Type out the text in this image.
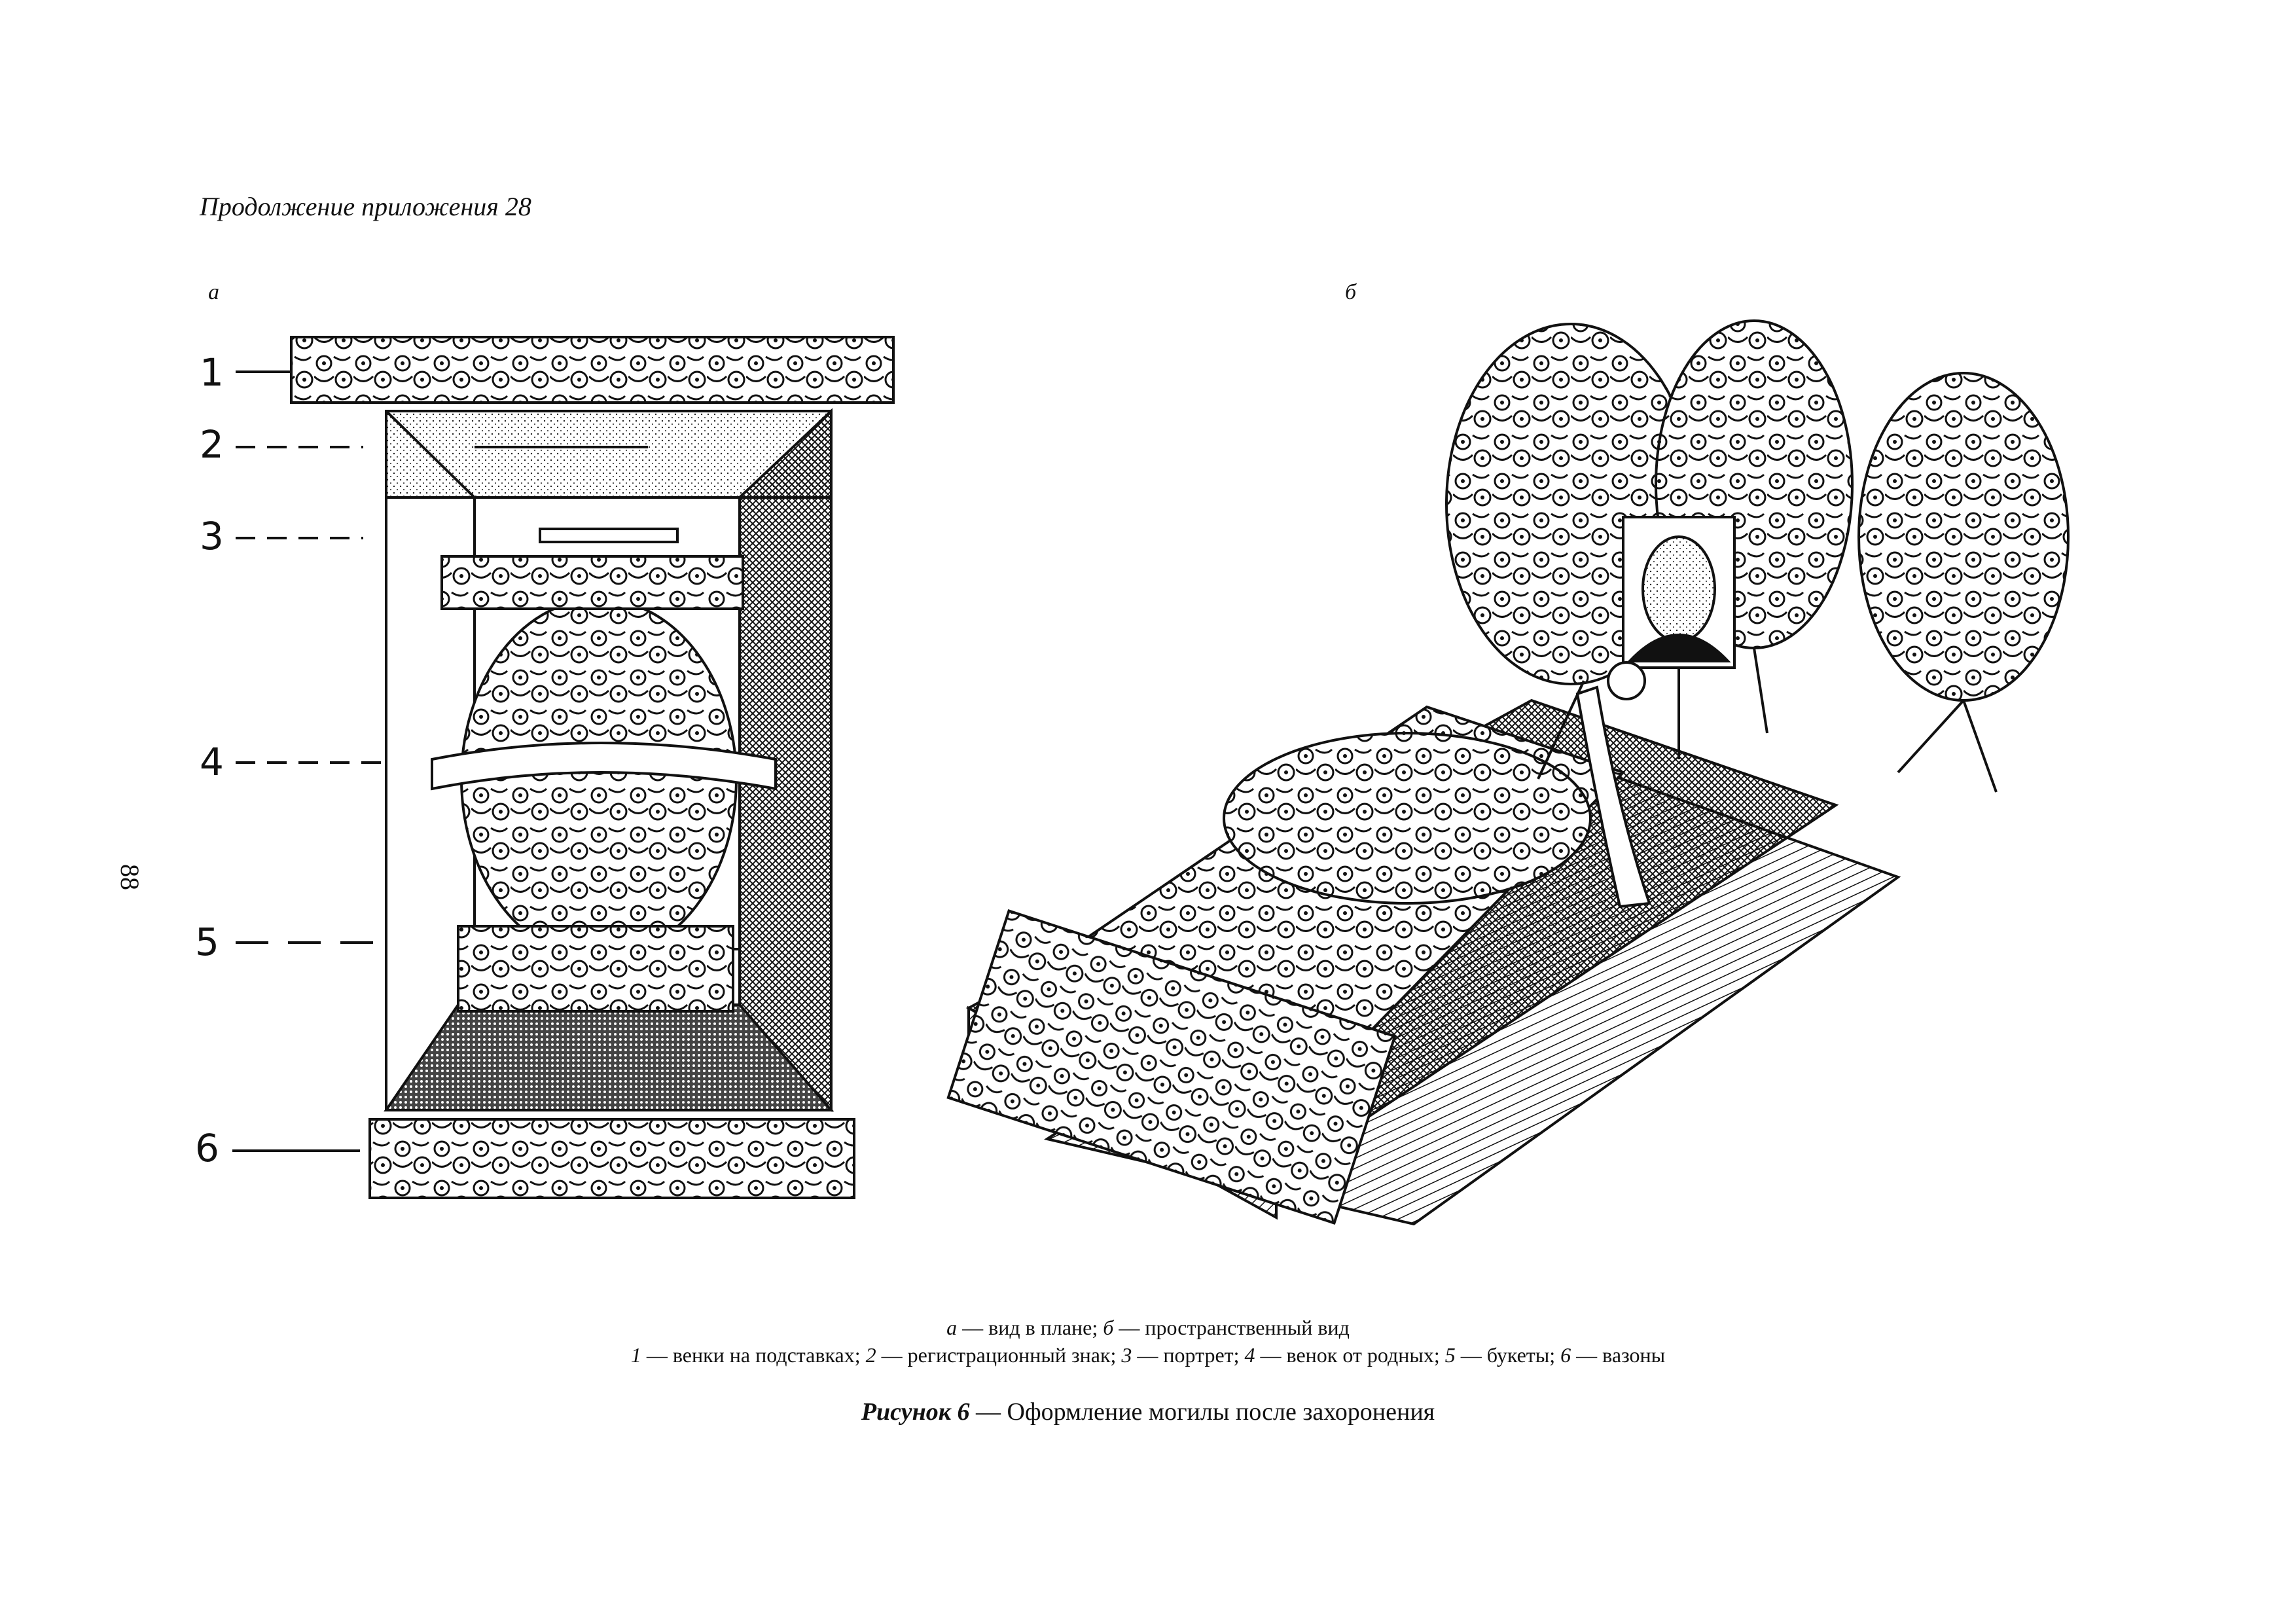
Продолжение приложения 28
88
а	б
1
2
3
4
5
6
а — вид в плане; б — пространственный вид
1 — венки на подставках; 2 — регистрационный знак; 3 — портрет; 4 — венок от родных; 5 — букеты; 6 — вазоны
Рисунок 6 — Оформление могилы после захоронения
